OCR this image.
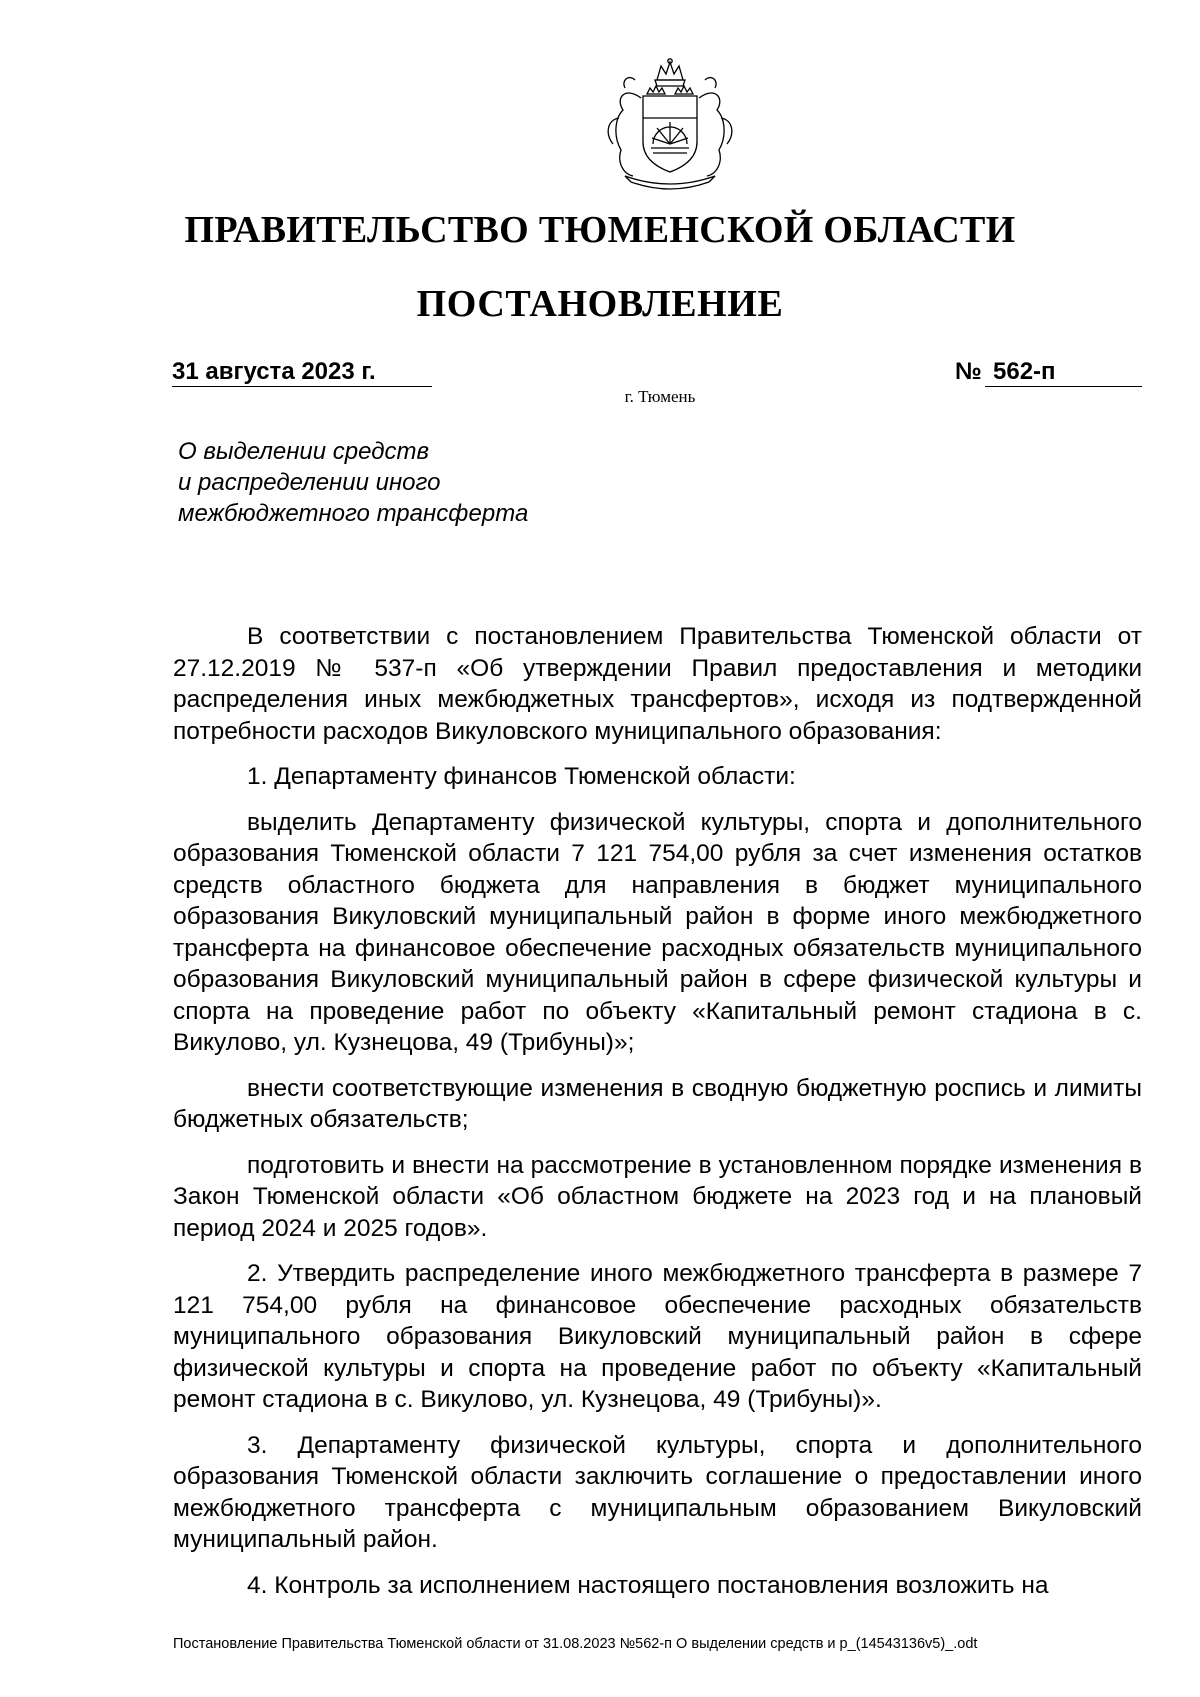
ПРАВИТЕЛЬСТВО ТЮМЕНСКОЙ ОБЛАСТИ
ПОСТАНОВЛЕНИЕ
31 августа 2023 г.	№ 562-п
г. Тюмень
О выделении средств
и распределении иного
межбюджетного трансферта

В соответствии с постановлением Правительства Тюменской области от 27.12.2019 № 537-п «Об утверждении Правил предоставления и методики распределения иных межбюджетных трансфертов», исходя из подтвержденной потребности расходов Викуловского муниципального образования:

1. Департаменту финансов Тюменской области:

выделить Департаменту физической культуры, спорта и дополнительного образования Тюменской области 7 121 754,00 рубля за счет изменения остатков средств областного бюджета для направления в бюджет муниципального образования Викуловский муниципальный район в форме иного межбюджетного трансферта на финансовое обеспечение расходных обязательств муниципального образования Викуловский муниципальный район в сфере физической культуры и спорта на проведение работ по объекту «Капитальный ремонт стадиона в с. Викулово, ул. Кузнецова, 49 (Трибуны)»;

внести соответствующие изменения в сводную бюджетную роспись и лимиты бюджетных обязательств;

подготовить и внести на рассмотрение в установленном порядке изменения в Закон Тюменской области «Об областном бюджете на 2023 год и на плановый период 2024 и 2025 годов».

2. Утвердить распределение иного межбюджетного трансферта в размере 7 121 754,00 рубля на финансовое обеспечение расходных обязательств муниципального образования Викуловский муниципальный район в сфере физической культуры и спорта на проведение работ по объекту «Капитальный ремонт стадиона в с. Викулово, ул. Кузнецова, 49 (Трибуны)».

3. Департаменту физической культуры, спорта и дополнительного образования Тюменской области заключить соглашение о предоставлении иного межбюджетного трансферта с муниципальным образованием Викуловский муниципальный район.

4. Контроль за исполнением настоящего постановления возложить на

Постановление Правительства Тюменской области от 31.08.2023 №562-п О выделении средств и р_(14543136v5)_.odt
